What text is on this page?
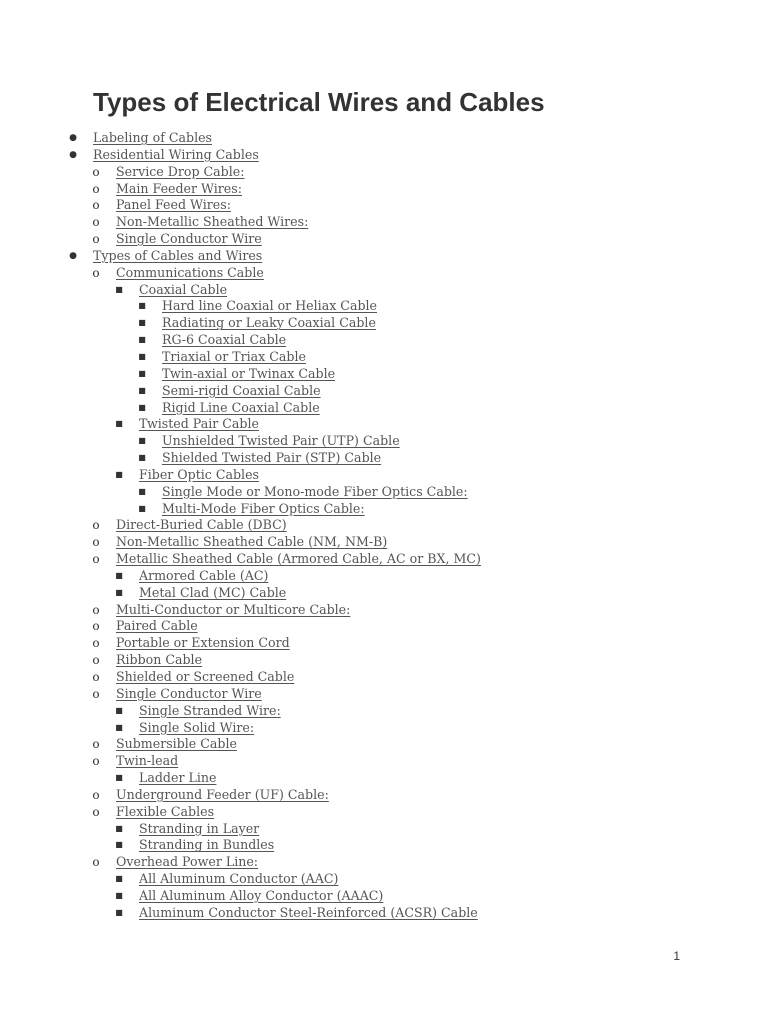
Types of Electrical Wires and Cables
● Labeling of Cables
● Residential Wiring Cables
o Service Drop Cable:
o Main Feeder Wires:
o Panel Feed Wires:
o Non-Metallic Sheathed Wires:
o Single Conductor Wire
● Types of Cables and Wires
o Communications Cable
■ Coaxial Cable
■ Hard line Coaxial or Heliax Cable
■ Radiating or Leaky Coaxial Cable
■ RG-6 Coaxial Cable
■ Triaxial or Triax Cable
■ Twin-axial or Twinax Cable
■ Semi-rigid Coaxial Cable
■ Rigid Line Coaxial Cable
■ Twisted Pair Cable
■ Unshielded Twisted Pair (UTP) Cable
■ Shielded Twisted Pair (STP) Cable
■ Fiber Optic Cables
■ Single Mode or Mono-mode Fiber Optics Cable:
■ Multi-Mode Fiber Optics Cable:
o Direct-Buried Cable (DBC)
o Non-Metallic Sheathed Cable (NM, NM-B)
o Metallic Sheathed Cable (Armored Cable, AC or BX, MC)
■ Armored Cable (AC)
■ Metal Clad (MC) Cable
o Multi-Conductor or Multicore Cable:
o Paired Cable
o Portable or Extension Cord
o Ribbon Cable
o Shielded or Screened Cable
o Single Conductor Wire
■ Single Stranded Wire:
■ Single Solid Wire:
o Submersible Cable
o Twin-lead
■ Ladder Line
o Underground Feeder (UF) Cable:
o Flexible Cables
■ Stranding in Layer
■ Stranding in Bundles
o Overhead Power Line:
■ All Aluminum Conductor (AAC)
■ All Aluminum Alloy Conductor (AAAC)
■ Aluminum Conductor Steel-Reinforced (ACSR) Cable
1
